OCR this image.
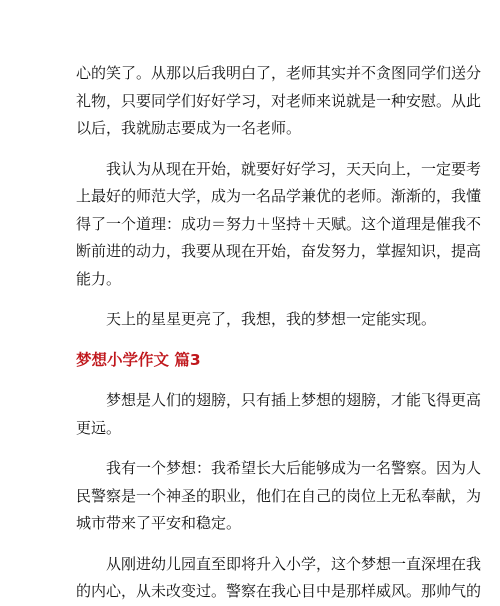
心的笑了。从那以后我明白了，老师其实并不贪图同学们送分
礼物，只要同学们好好学习，对老师来说就是一种安慰。从此
以后，我就励志要成为一名老师。

我认为从现在开始，就要好好学习，天天向上，一定要考
上最好的师范大学，成为一名品学兼优的老师。渐渐的，我懂
得了一个道理：成功＝努力＋坚持＋天赋。这个道理是催我不
断前进的动力，我要从现在开始，奋发努力，掌握知识，提高
能力。

天上的星星更亮了，我想，我的梦想一定能实现。

梦想小学作文 篇3

梦想是人们的翅膀，只有插上梦想的翅膀，才能飞得更高
更远。

我有一个梦想：我希望长大后能够成为一名警察。因为人
民警察是一个神圣的职业，他们在自己的岗位上无私奉献，为
城市带来了平安和稳定。

从刚进幼儿园直至即将升入小学，这个梦想一直深埋在我
的内心，从未改变过。警察在我心目中是那样威风。那帅气的
